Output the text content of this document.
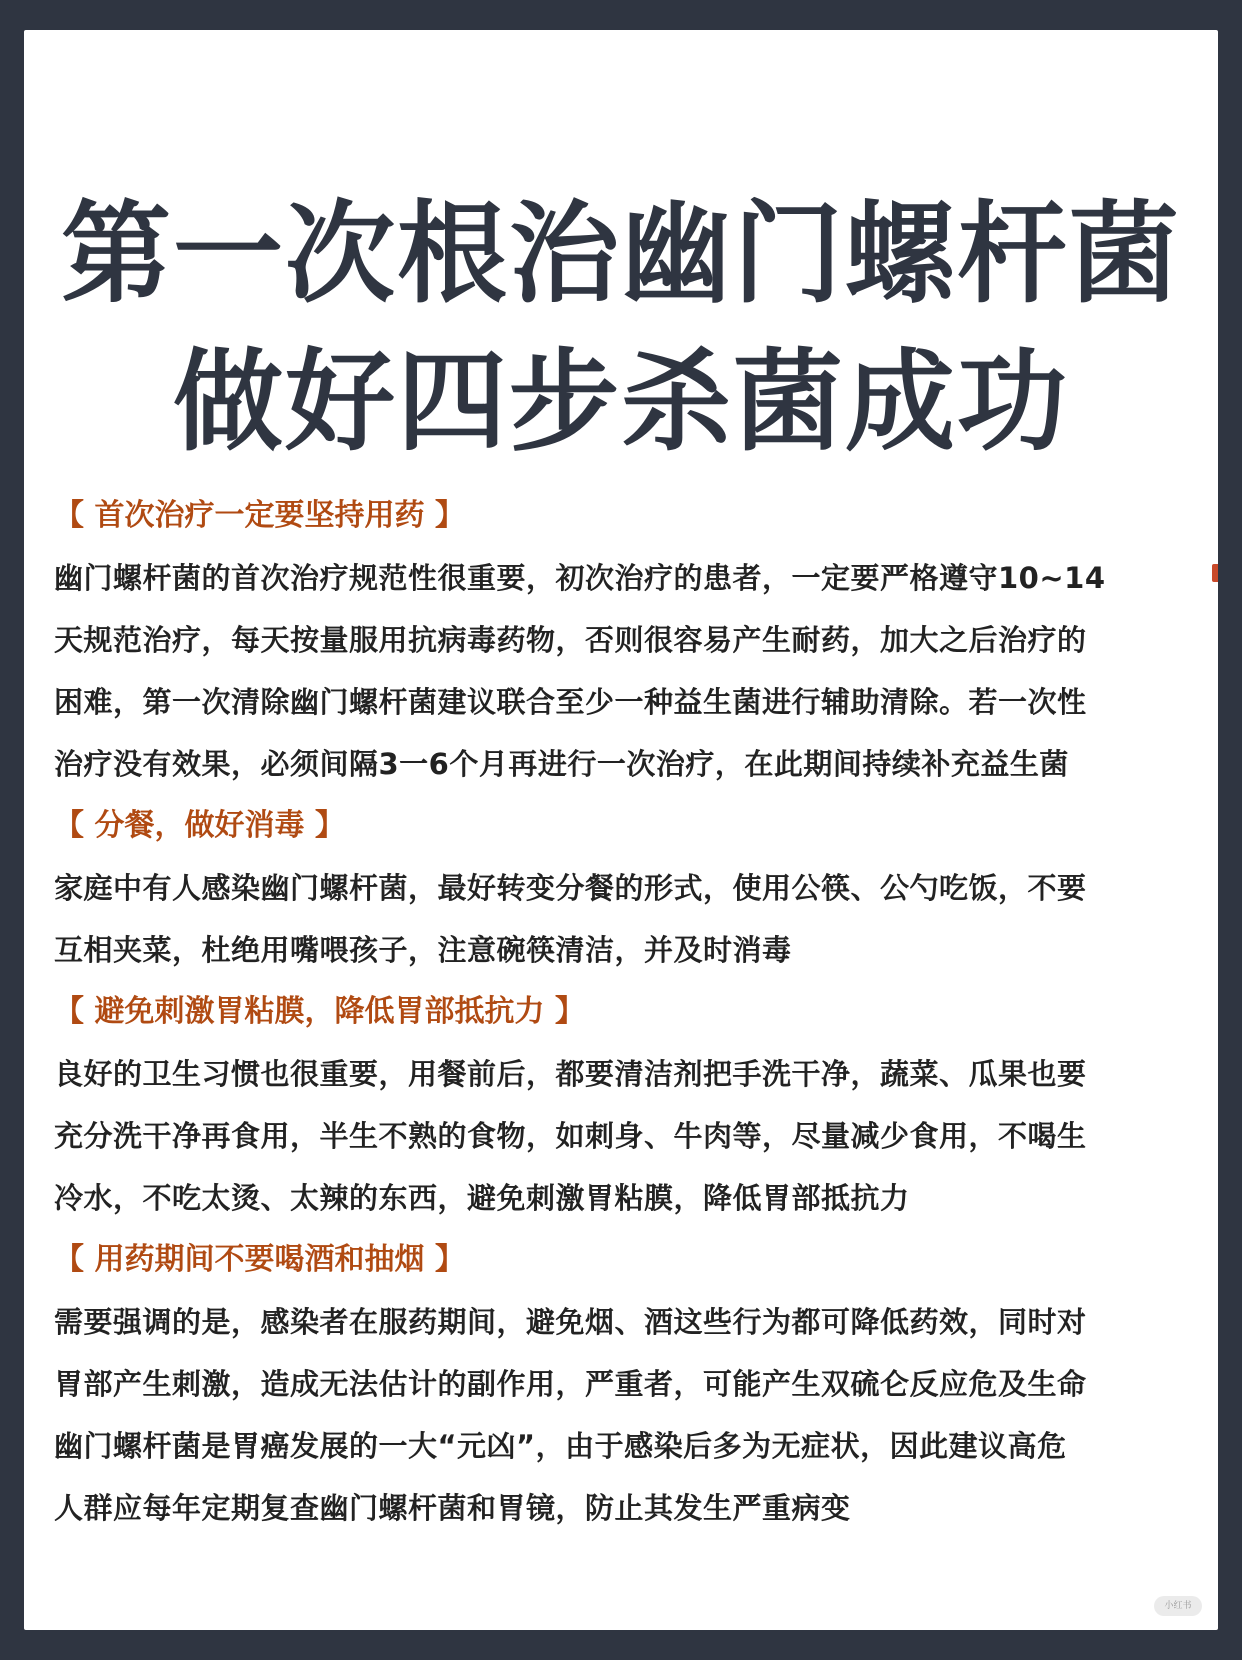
第一次根治幽门螺杆菌
做好四步杀菌成功
【 首次治疗一定要坚持用药 】
幽门螺杆菌的首次治疗规范性很重要，初次治疗的患者，一定要严格遵守10~14
天规范治疗，每天按量服用抗病毒药物，否则很容易产生耐药，加大之后治疗的
困难，第一次清除幽门螺杆菌建议联合至少一种益生菌进行辅助清除。若一次性
治疗没有效果，必须间隔3一6个月再进行一次治疗，在此期间持续补充益生菌
【 分餐，做好消毒 】
家庭中有人感染幽门螺杆菌，最好转变分餐的形式，使用公筷、公勺吃饭，不要
互相夹菜，杜绝用嘴喂孩子，注意碗筷清洁，并及时消毒
【 避免刺激胃粘膜，降低胃部抵抗力 】
良好的卫生习惯也很重要，用餐前后，都要清洁剂把手洗干净，蔬菜、瓜果也要
充分洗干净再食用，半生不熟的食物，如刺身、牛肉等，尽量减少食用，不喝生
冷水，不吃太烫、太辣的东西，避免刺激胃粘膜，降低胃部抵抗力
【 用药期间不要喝酒和抽烟 】
需要强调的是，感染者在服药期间，避免烟、酒这些行为都可降低药效，同时对
胃部产生刺激，造成无法估计的副作用，严重者，可能产生双硫仑反应危及生命
幽门螺杆菌是胃癌发展的一大“元凶”，由于感染后多为无症状，因此建议高危
人群应每年定期复查幽门螺杆菌和胃镜，防止其发生严重病变
小红书
